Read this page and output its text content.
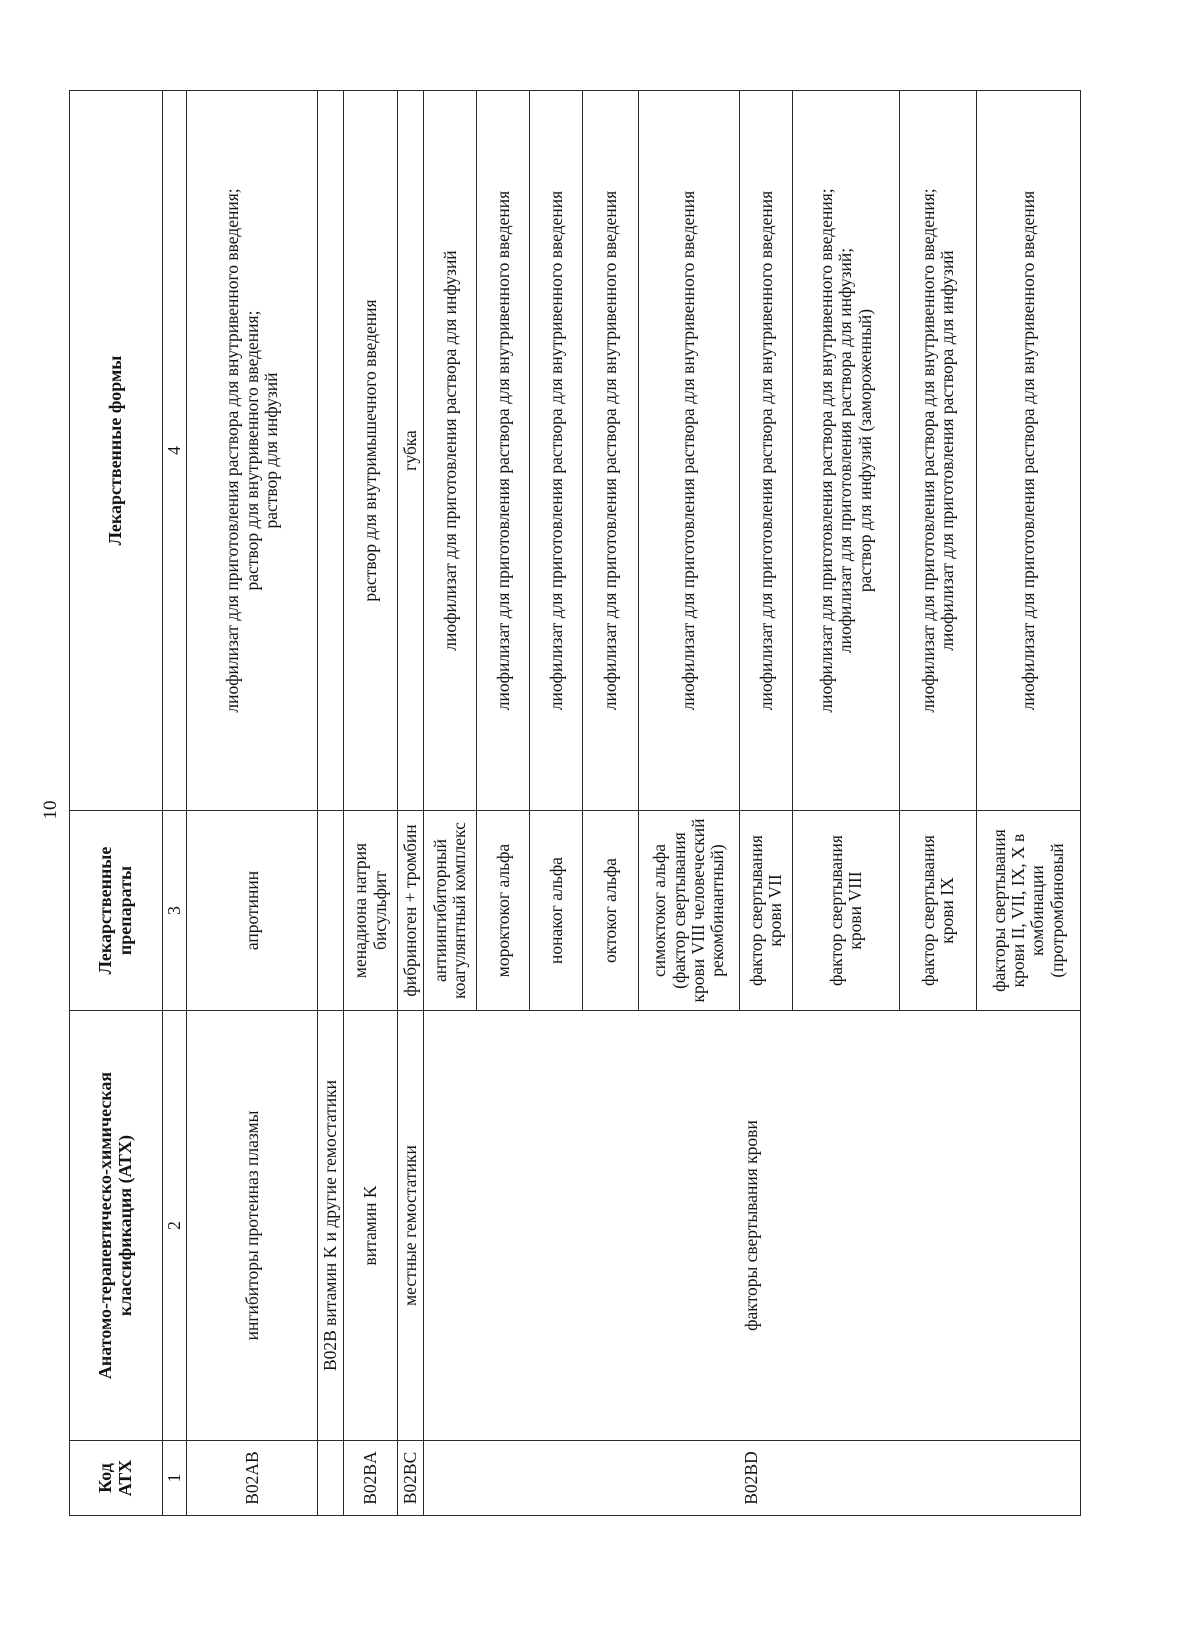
10
Код АТХ	Анатомо-терапевтическо-химическая классификация (АТХ)	Лекарственные препараты	Лекарственные формы
1	2	3	4
B02AB	ингибиторы протеиназ плазмы	апротинин	лиофилизат для приготовления раствора для внутривенного введения; раствор для внутривенного введения; раствор для инфузий

	B02B витамин K и другие гемостатики		
B02BA	витамин K	менадиона натрия бисульфит	раствор для внутримышечного введения

B02BC	местные гемостатики	фибриноген + тромбин	губка

B02BD	факторы свертывания крови	антиингибиторный коагулянтный комплекс	лиофилизат для приготовления раствора для инфузий

		мороктоког альфа	лиофилизат для приготовления раствора для внутривенного введения

		нонаког альфа	лиофилизат для приготовления раствора для внутривенного введения

		октоког альфа	лиофилизат для приготовления раствора для внутривенного введения

		симоктоког альфа (фактор свертывания крови VIII человеческий рекомбинантный)	лиофилизат для приготовления раствора для внутривенного введения

		фактор свертывания крови VII	лиофилизат для приготовления раствора для внутривенного введения

		фактор свертывания крови VIII	лиофилизат для приготовления раствора для внутривенного введения; лиофилизат для приготовления раствора для инфузий; раствор для инфузий (замороженный)

		фактор свертывания крови IX	лиофилизат для приготовления раствора для внутривенного введения; лиофилизат для приготовления раствора для инфузий

		факторы свертывания крови II, VII, IX, X в комбинации (протромбиновый	лиофилизат для приготовления раствора для внутривенного введения
